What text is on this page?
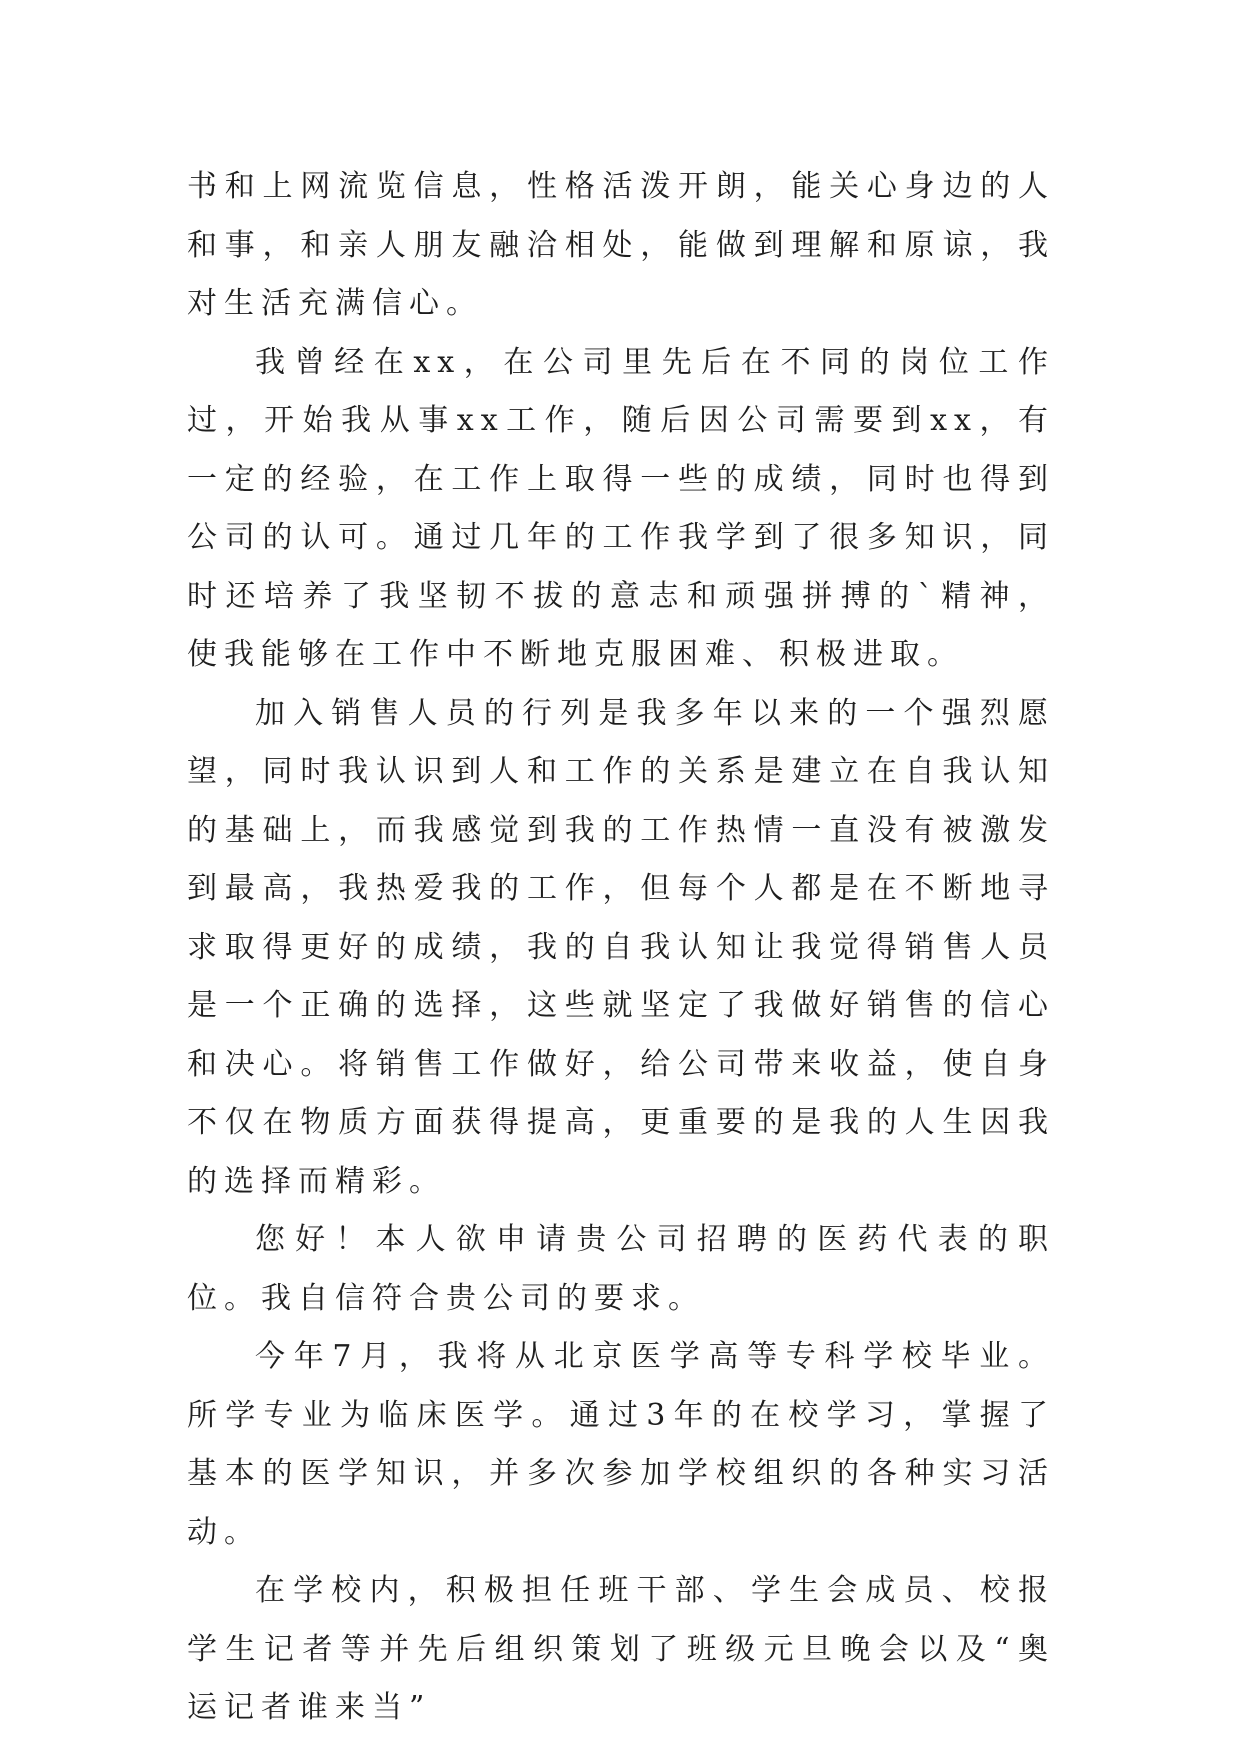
书和上网流览信息，性格活泼开朗，能关心身边的人和事，和亲人朋友融洽相处，能做到理解和原谅，我对生活充满信心。

我曾经在xx，在公司里先后在不同的岗位工作过，开始我从事xx工作，随后因公司需要到xx，有一定的经验，在工作上取得一些的成绩，同时也得到公司的认可。通过几年的工作我学到了很多知识，同时还培养了我坚韧不拔的意志和顽强拼搏的`精神，使我能够在工作中不断地克服困难、积极进取。

加入销售人员的行列是我多年以来的一个强烈愿望，同时我认识到人和工作的关系是建立在自我认知的基础上，而我感觉到我的工作热情一直没有被激发到最高，我热爱我的工作，但每个人都是在不断地寻求取得更好的成绩，我的自我认知让我觉得销售人员是一个正确的选择，这些就坚定了我做好销售的信心和决心。将销售工作做好，给公司带来收益，使自身不仅在物质方面获得提高，更重要的是我的人生因我的选择而精彩。

您好！本人欲申请贵公司招聘的医药代表的职位。我自信符合贵公司的要求。

今年7月，我将从北京医学高等专科学校毕业。所学专业为临床医学。通过3年的在校学习，掌握了基本的医学知识，并多次参加学校组织的各种实习活动。

在学校内，积极担任班干部、学生会成员、校报学生记者等并先后组织策划了班级元旦晚会以及“奥运记者谁来当”
